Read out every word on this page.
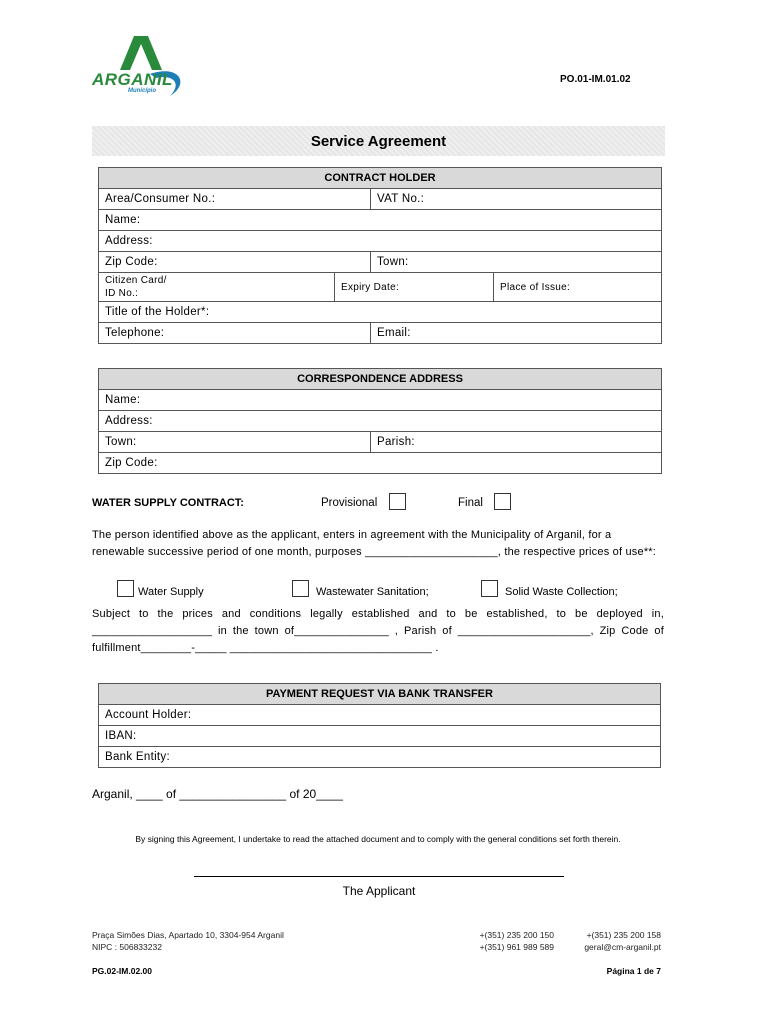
ARGANIL
Município
PO.01-IM.01.02
Service Agreement
CONTRACT HOLDER			
Area/Consumer No.:		VAT No.:	
Name:			
Address:			
Zip Code:		Town:	

Citizen Card/
ID No.:	Expiry Date:		Place of Issue:
Title of the Holder*:			
Telephone:		Email:	
CORRESPONDENCE ADDRESS
Name:
Address:
Town:	Parish:
Zip Code:
WATER SUPPLY CONTRACT:	Provisional	Final
The person identified above as the applicant, enters in agreement with the Municipality of Arganil, for a renewable successive period of one month, purposes _____________________, the respective prices of use**:
Water Supply	Wastewater Sanitation;	Solid Waste Collection;
Subject to the prices and conditions legally established and to be established, to be deployed in, ___________________ in the town of_______________ , Parish of _____________________, Zip Code of fulfillment________-_____ ________________________________ .
PAYMENT REQUEST VIA BANK TRANSFER
Account Holder:
IBAN:
Bank Entity:
Arganil, ____ of ________________ of 20____
By signing this Agreement, I undertake to read the attached document and to comply with the general conditions set forth therein.
The Applicant
Praça Simões Dias, Apartado 10, 3304-954 Arganil
NIPC : 506833232
+(351) 235 200 150
+(351) 961 989 589
+(351) 235 200 158
geral@cm-arganil.pt
PG.02-IM.02.00	Página 1 de 7
